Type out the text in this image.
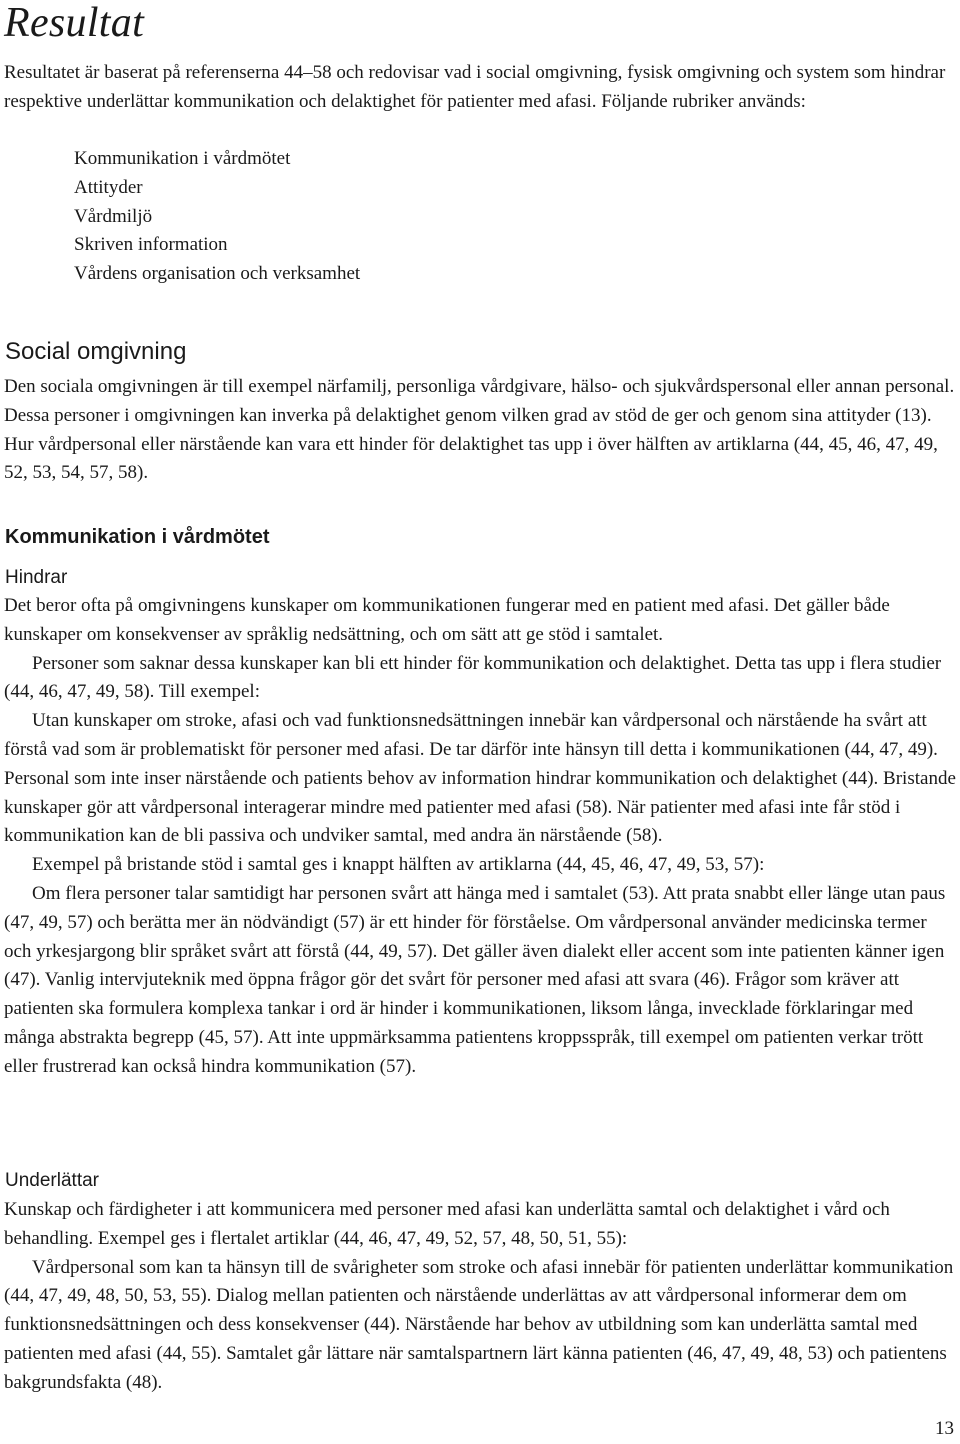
Resultat

Resultatet är baserat på referenserna 44–58 och redovisar vad i social omgivning, fysisk omgivning och system som hindrar respektive underlättar kommunikation och delaktighet för patienter med afasi. Följande rubriker används:

Kommunikation i vårdmötet
Attityder
Vårdmiljö
Skriven information
Vårdens organisation och verksamhet
Social omgivning

Den sociala omgivningen är till exempel närfamilj, personliga vårdgivare, hälso- och sjukvårdspersonal eller annan personal. Dessa personer i omgivningen kan inverka på delaktighet genom vilken grad av stöd de ger och genom sina attityder (13). Hur vårdpersonal eller närstående kan vara ett hinder för delaktighet tas upp i över hälften av artiklarna (44, 45, 46, 47, 49, 52, 53, 54, 57, 58).

Kommunikation i vårdmötet
Hindrar

Det beror ofta på omgivningens kunskaper om kommunikationen fungerar med en patient med afasi. Det gäller både kunskaper om konsekvenser av språklig nedsättning, och om sätt att ge stöd i samtalet.

Personer som saknar dessa kunskaper kan bli ett hinder för kommunikation och delaktighet. Detta tas upp i flera studier (44, 46, 47, 49, 58). Till exempel:

Utan kunskaper om stroke, afasi och vad funktionsnedsättningen innebär kan vårdpersonal och närstående ha svårt att förstå vad som är problematiskt för personer med afasi. De tar därför inte hänsyn till detta i kommunikationen (44, 47, 49). Personal som inte inser närstående och patients behov av information hindrar kommunikation och delaktighet (44). Bristande kunskaper gör att vårdpersonal interagerar mindre med patienter med afasi (58). När patienter med afasi inte får stöd i kommunikation kan de bli passiva och undviker samtal, med andra än närstående (58).

Exempel på bristande stöd i samtal ges i knappt hälften av artiklarna (44, 45, 46, 47, 49, 53, 57):

Om flera personer talar samtidigt har personen svårt att hänga med i samtalet (53). Att prata snabbt eller länge utan paus (47, 49, 57) och berätta mer än nödvändigt (57) är ett hinder för förståelse. Om vårdpersonal använder medicinska termer och yrkesjargong blir språket svårt att förstå (44, 49, 57). Det gäller även dialekt eller accent som inte patienten känner igen (47). Vanlig intervjuteknik med öppna frågor gör det svårt för personer med afasi att svara (46). Frågor som kräver att patienten ska formulera komplexa tankar i ord är hinder i kommunikationen, liksom långa, invecklade förklaringar med många abstrakta begrepp (45, 57). Att inte uppmärksamma patientens kroppsspråk, till exempel om patienten verkar trött eller frustrerad kan också hindra kommunikation (57).

Underlättar

Kunskap och färdigheter i att kommunicera med personer med afasi kan underlätta samtal och delaktighet i vård och behandling. Exempel ges i flertalet artiklar (44, 46, 47, 49, 52, 57, 48, 50, 51, 55):

Vårdpersonal som kan ta hänsyn till de svårigheter som stroke och afasi innebär för patienten underlättar kommunikation (44, 47, 49, 48, 50, 53, 55). Dialog mellan patienten och närstående underlättas av att vårdpersonal informerar dem om funktionsnedsättningen och dess konsekvenser (44). Närstående har behov av utbildning som kan underlätta samtal med patienten med afasi (44, 55). Samtalet går lättare när samtalspartnern lärt känna patienten (46, 47, 49, 48, 53) och patientens bakgrundsfakta (48).

13
